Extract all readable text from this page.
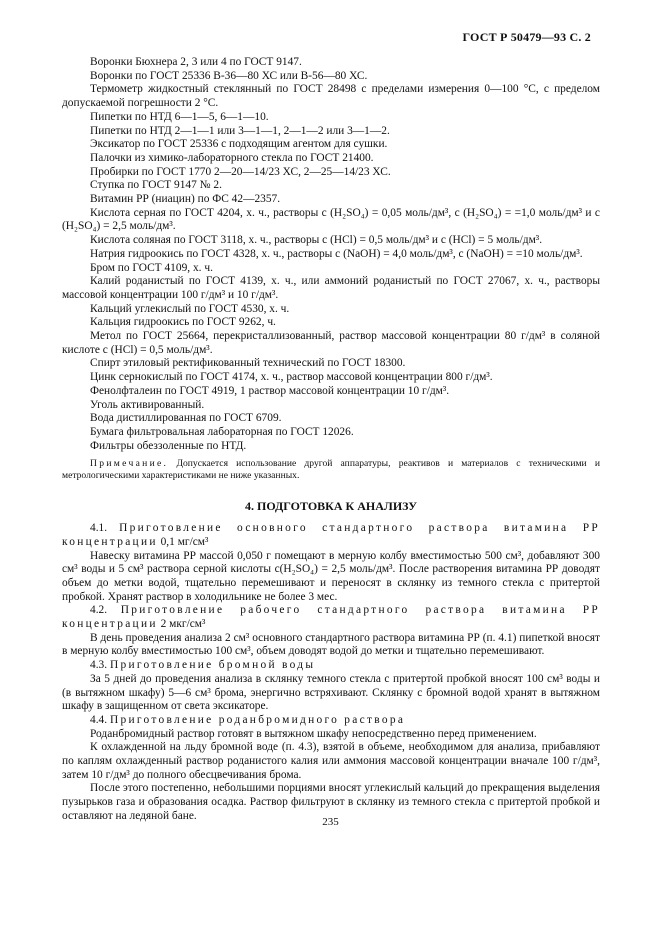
ГОСТ Р 50479—93 С. 2

Воронки Бюхнера 2, 3 или 4 по ГОСТ 9147.

Воронки по ГОСТ 25336 В-36—80 ХС или В-56—80 ХС.

Термометр жидкостный стеклянный по ГОСТ 28498 с пределами измерения 0—100 °С, с пределом допускаемой погрешности 2 °С.

Пипетки по НТД 6—1—5, 6—1—10.

Пипетки по НТД 2—1—1 или 3—1—1, 2—1—2 или 3—1—2.

Эксикатор по ГОСТ 25336 с подходящим агентом для сушки.

Палочки из химико-лабораторного стекла по ГОСТ 21400.

Пробирки по ГОСТ 1770 2—20—14/23 ХС, 2—25—14/23 ХС.

Ступка по ГОСТ 9147 № 2.

Витамин РР (ниацин) по ФС 42—2357.

Кислота серная по ГОСТ 4204, х. ч., растворы c (H₂SO₄) = 0,05 моль/дм³, c (H₂SO₄) = =1,0 моль/дм³ и c (H₂SO₄) = 2,5 моль/дм³.

Кислота соляная по ГОСТ 3118, х. ч., растворы c (HCl) = 0,5 моль/дм³ и c (HCl) = 5 моль/дм³.

Натрия гидроокись по ГОСТ 4328, х. ч., растворы c (NaOH) = 4,0 моль/дм³, c (NaOH) = =10 моль/дм³.

Бром по ГОСТ 4109, х. ч.

Калий роданистый по ГОСТ 4139, х. ч., или аммоний роданистый по ГОСТ 27067, х. ч., растворы массовой концентрации 100 г/дм³ и 10 г/дм³.

Кальций углекислый по ГОСТ 4530, х. ч.

Кальция гидроокись по ГОСТ 9262, ч.

Метол по ГОСТ 25664, перекристаллизованный, раствор массовой концентрации 80 г/дм³ в соляной кислоте c (HCl) = 0,5 моль/дм³.

Спирт этиловый ректификованный технический по ГОСТ 18300.

Цинк сернокислый по ГОСТ 4174, х. ч., раствор массовой концентрации 800 г/дм³.

Фенолфталеин по ГОСТ 4919, 1 раствор массовой концентрации 10 г/дм³.

Уголь активированный.

Вода дистиллированная по ГОСТ 6709.

Бумага фильтровальная лабораторная по ГОСТ 12026.

Фильтры обеззоленные по НТД.

Примечание. Допускается использование другой аппаратуры, реактивов и материалов с техническими и метрологическими характеристиками не ниже указанных.

4. ПОДГОТОВКА К АНАЛИЗУ

4.1. Приготовление основного стандартного раствора витамина РР концентрации 0,1 мг/см³

Навеску витамина РР массой 0,050 г помещают в мерную колбу вместимостью 500 см³, добавляют 300 см³ воды и 5 см³ раствора серной кислоты c(H₂SO₄) = 2,5 моль/дм³. После растворения витамина РР доводят объем до метки водой, тщательно перемешивают и переносят в склянку из темного стекла с притертой пробкой. Хранят раствор в холодильнике не более 3 мес.

4.2. Приготовление рабочего стандартного раствора витамина РР концентрации 2 мкг/см³

В день проведения анализа 2 см³ основного стандартного раствора витамина РР (п. 4.1) пипеткой вносят в мерную колбу вместимостью 100 см³, объем доводят водой до метки и тщательно перемешивают.

4.3. Приготовление бромной воды

За 5 дней до проведения анализа в склянку темного стекла с притертой пробкой вносят 100 см³ воды и (в вытяжном шкафу) 5—6 см³ брома, энергично встряхивают. Склянку с бромной водой хранят в вытяжном шкафу в защищенном от света эксикаторе.

4.4. Приготовление роданбромидного раствора

Роданбромидный раствор готовят в вытяжном шкафу непосредственно перед применением.

К охлажденной на льду бромной воде (п. 4.3), взятой в объеме, необходимом для анализа, прибавляют по каплям охлажденный раствор роданистого калия или аммония массовой концентрации вначале 100 г/дм³, затем 10 г/дм³ до полного обесцвечивания брома.

После этого постепенно, небольшими порциями вносят углекислый кальций до прекращения выделения пузырьков газа и образования осадка. Раствор фильтруют в склянку из темного стекла с притертой пробкой и оставляют на ледяной бане.

235
